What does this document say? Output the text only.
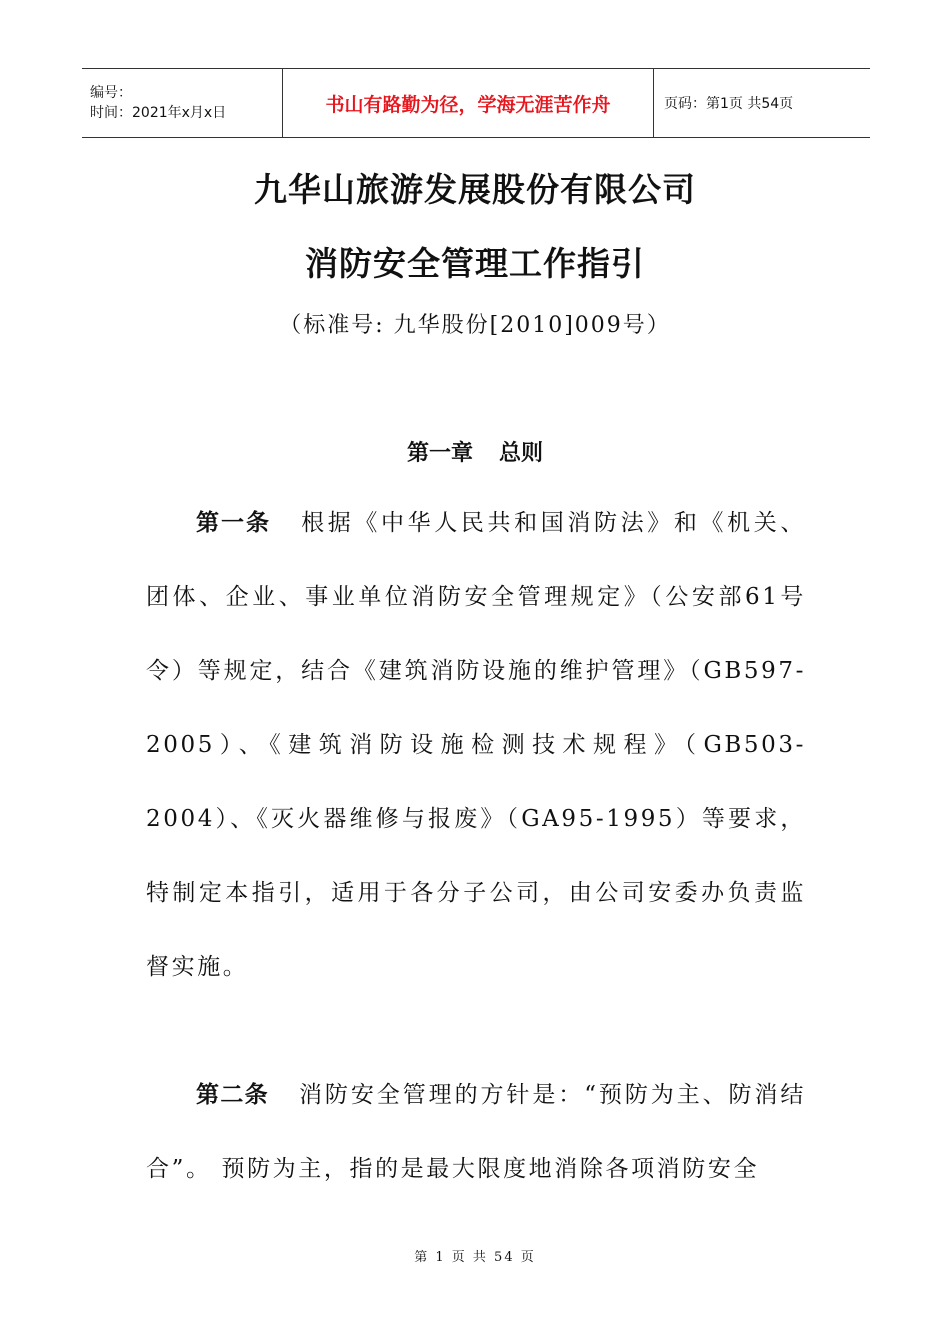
编号：
时间：2021年x月x日	书山有路勤为径，学海无涯苦作舟	页码：第1页 共54页
九华山旅游发展股份有限公司
消防安全管理工作指引
（标准号: 九华股份[2010]009号）
第一章 总则

第一条 根据《中华人民共和国消防法》和《机关、团体、企业、事业单位消防安全管理规定》（公安部61号令）等规定，结合《建筑消防设施的维护管理》（GB597-2005）、《建筑消防设施检测技术规程》（GB503-2004）、《灭火器维修与报废》（GA95-1995）等要求，特制定本指引，适用于各分子公司，由公司安委办负责监督实施。

第二条 消防安全管理的方针是：“预防为主、防消结合”。 预防为主，指的是最大限度地消除各项消防安全

第 1 页 共 54 页
